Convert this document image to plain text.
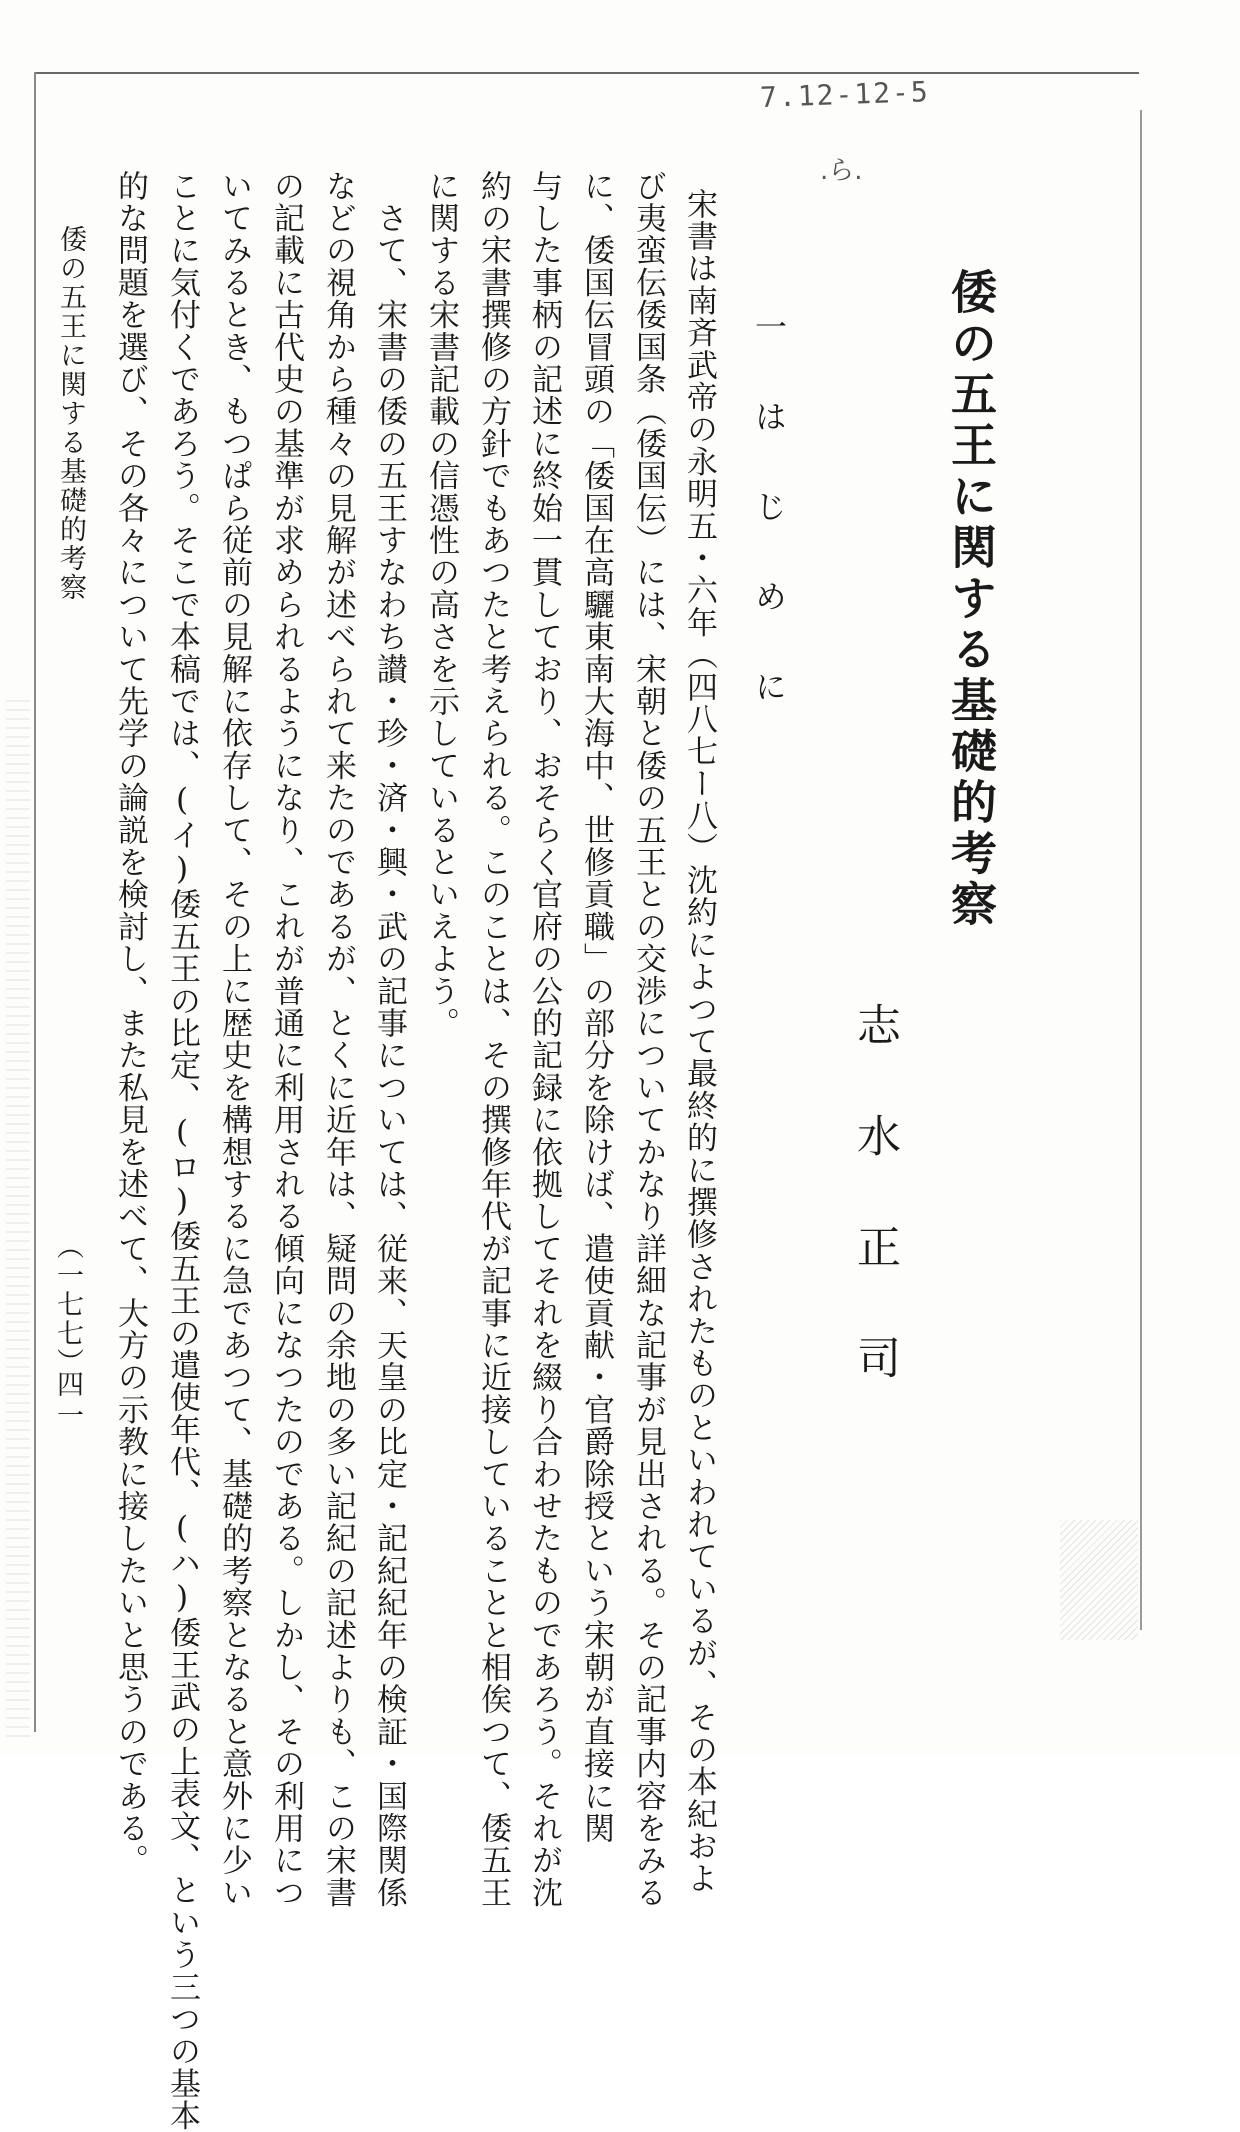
7.12-12-5
.ら.
倭の五王に関する基礎的考察
志 水 正 司
一 は じ め に
宋書は南斉武帝の永明五・六年（四八七ー八）沈約によつて最終的に撰修されたものといわれているが、その本紀およ
び夷蛮伝倭国条（倭国伝）には、宋朝と倭の五王との交渉についてかなり詳細な記事が見出される。その記事内容をみる
に、倭国伝冒頭の「倭国在高驪東南大海中、世修貢職」の部分を除けば、遣使貢献・官爵除授という宋朝が直接に関
与した事柄の記述に終始一貫しており、おそらく官府の公的記録に依拠してそれを綴り合わせたものであろう。それが沈
約の宋書撰修の方針でもあつたと考えられる。このことは、その撰修年代が記事に近接していることと相俟つて、倭五王
に関する宋書記載の信憑性の高さを示しているといえよう。
　さて、宋書の倭の五王すなわち讃・珍・済・興・武の記事については、従来、天皇の比定・記紀紀年の検証・国際関係
などの視角から種々の見解が述べられて来たのであるが、とくに近年は、疑問の余地の多い記紀の記述よりも、この宋書
の記載に古代史の基準が求められるようになり、これが普通に利用される傾向になつたのである。しかし、その利用につ
いてみるとき、もつぱら従前の見解に依存して、その上に歴史を構想するに急であつて、基礎的考察となると意外に少い
ことに気付くであろう。そこで本稿では、(イ)倭五王の比定、(ロ)倭五王の遣使年代、(ハ)倭王武の上表文、という三つの基本
的な問題を選び、その各々について先学の論説を検討し、また私見を述べて、大方の示教に接したいと思うのである。
倭の五王に関する基礎的考察
（一七七）
四一
